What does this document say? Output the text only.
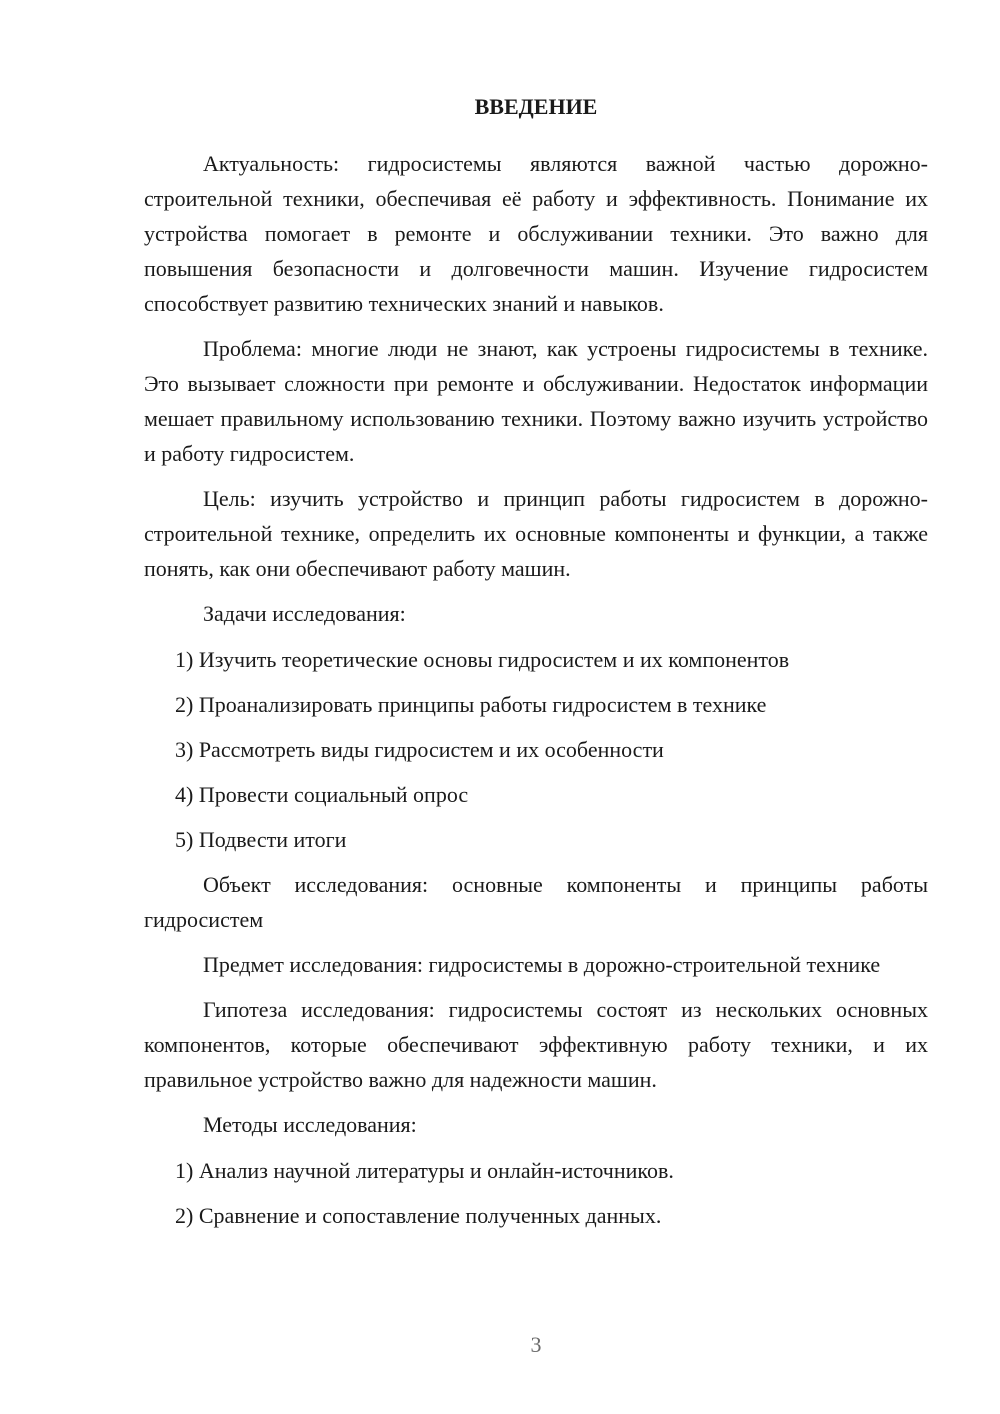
ВВЕДЕНИЕ

Актуальность: гидросистемы являются важной частью дорожно-строительной техники, обеспечивая её работу и эффективность. Понимание их устройства помогает в ремонте и обслуживании техники. Это важно для повышения безопасности и долговечности машин. Изучение гидросистем способствует развитию технических знаний и навыков.

Проблема: многие люди не знают, как устроены гидросистемы в технике. Это вызывает сложности при ремонте и обслуживании. Недостаток информации мешает правильному использованию техники. Поэтому важно изучить устройство и работу гидросистем.

Цель: изучить устройство и принцип работы гидросистем в дорожно-строительной технике, определить их основные компоненты и функции, а также понять, как они обеспечивают работу машин.

Задачи исследования:

1) Изучить теоретические основы гидросистем и их компонентов
2) Проанализировать принципы работы гидросистем в технике
3) Рассмотреть виды гидросистем и их особенности
4) Провести социальный опрос
5) Подвести итоги

Объект исследования: основные компоненты и принципы работы гидросистем

Предмет исследования: гидросистемы в дорожно-строительной технике

Гипотеза исследования: гидросистемы состоят из нескольких основных компонентов, которые обеспечивают эффективную работу техники, и их правильное устройство важно для надежности машин.

Методы исследования:

1) Анализ научной литературы и онлайн-источников.
2) Сравнение и сопоставление полученных данных.
3
